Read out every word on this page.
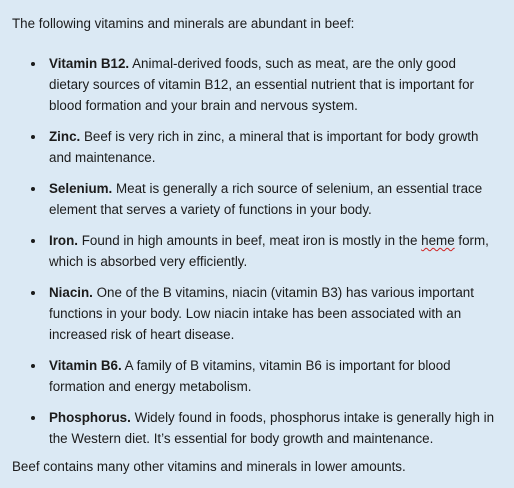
The following vitamins and minerals are abundant in beef:

Vitamin B12. Animal-derived foods, such as meat, are the only good dietary sources of vitamin B12, an essential nutrient that is important for blood formation and your brain and nervous system.
Zinc. Beef is very rich in zinc, a mineral that is important for body growth and maintenance.
Selenium. Meat is generally a rich source of selenium, an essential trace element that serves a variety of functions in your body.
Iron. Found in high amounts in beef, meat iron is mostly in the heme form, which is absorbed very efficiently.
Niacin. One of the B vitamins, niacin (vitamin B3) has various important functions in your body. Low niacin intake has been associated with an increased risk of heart disease.
Vitamin B6. A family of B vitamins, vitamin B6 is important for blood formation and energy metabolism.
Phosphorus. Widely found in foods, phosphorus intake is generally high in the Western diet. It’s essential for body growth and maintenance.

Beef contains many other vitamins and minerals in lower amounts.
